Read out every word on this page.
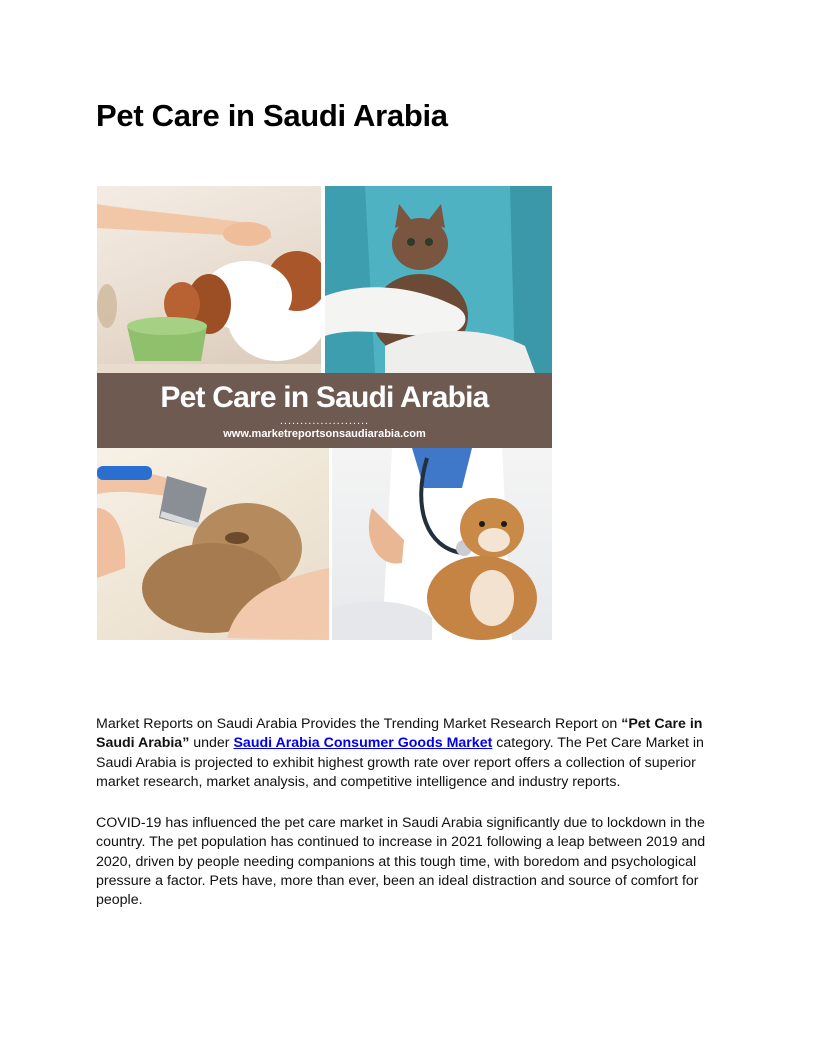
Pet Care in Saudi Arabia
Pet Care in Saudi Arabia
......................
www.marketreportsonsaudiarabia.com

Market Reports on Saudi Arabia Provides the Trending Market Research Report on “Pet Care in Saudi Arabia” under Saudi Arabia Consumer Goods Market category. The Pet Care Market in Saudi Arabia is projected to exhibit highest growth rate over report offers a collection of superior market research, market analysis, and competitive intelligence and industry reports.

COVID-19 has influenced the pet care market in Saudi Arabia significantly due to lockdown in the country. The pet population has continued to increase in 2021 following a leap between 2019 and 2020, driven by people needing companions at this tough time, with boredom and psychological pressure a factor. Pets have, more than ever, been an ideal distraction and source of comfort for people.
